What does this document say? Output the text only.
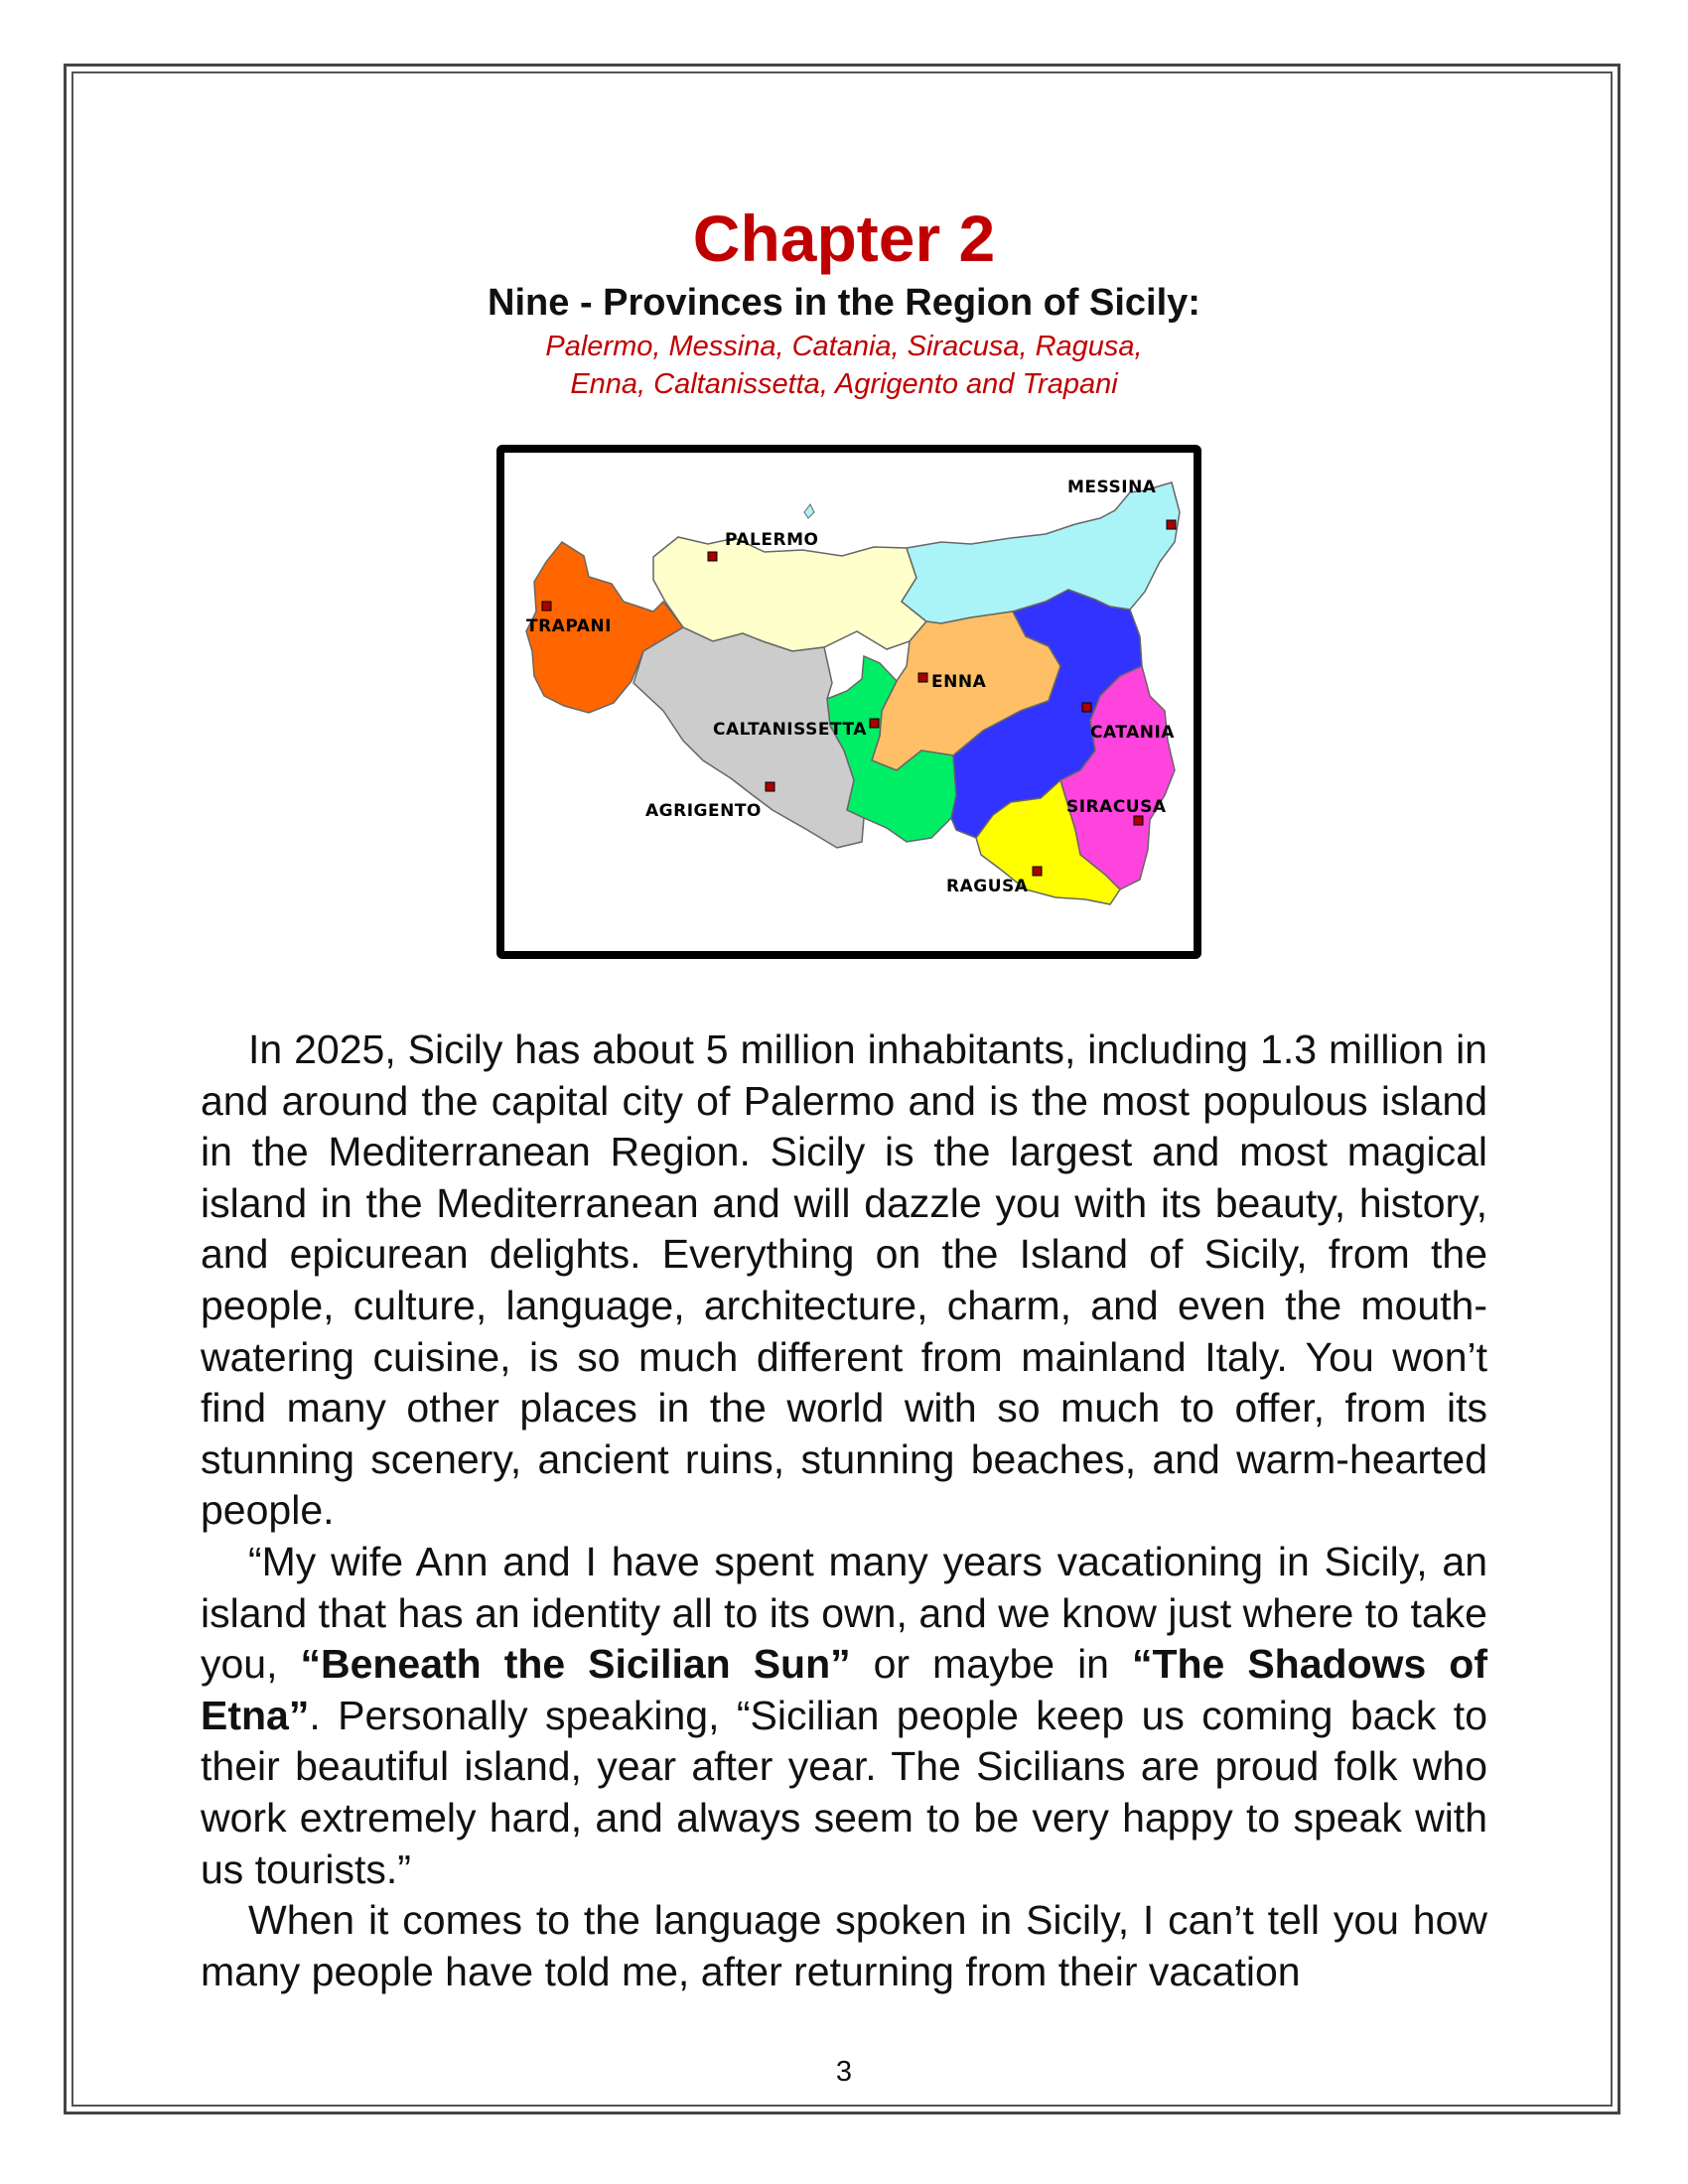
Chapter 2
Nine - Provinces in the Region of Sicily:
Palermo, Messina, Catania, Siracusa, Ragusa,
Enna, Caltanissetta, Agrigento and Trapani
MESSINA
PALERMO
TRAPANI
ENNA
CALTANISSETTA	CATANIA
AGRIGENTO	SIRACUSA
RAGUSA

In 2025, Sicily has about 5 million inhabitants, including 1.3 million in and around the capital city of Palermo and is the most populous island in the Mediterranean Region. Sicily is the largest and most magical island in the Mediterranean and will dazzle you with its beauty, history, and epicurean delights. Everything on the Island of Sicily, from the people, culture, language, architecture, charm, and even the mouth-watering cuisine, is so much different from mainland Italy. You won’t find many other places in the world with so much to offer, from its stunning scenery, ancient ruins, stunning beaches, and warm-hearted people.

“My wife Ann and I have spent many years vacationing in Sicily, an island that has an identity all to its own, and we know just where to take you, “Beneath the Sicilian Sun” or maybe in “The Shadows of Etna”. Personally speaking, “Sicilian people keep us coming back to their beautiful island, year after year. The Sicilians are proud folk who work extremely hard, and always seem to be very happy to speak with us tourists.”

When it comes to the language spoken in Sicily, I can’t tell you how many people have told me, after returning from their vacation

3
